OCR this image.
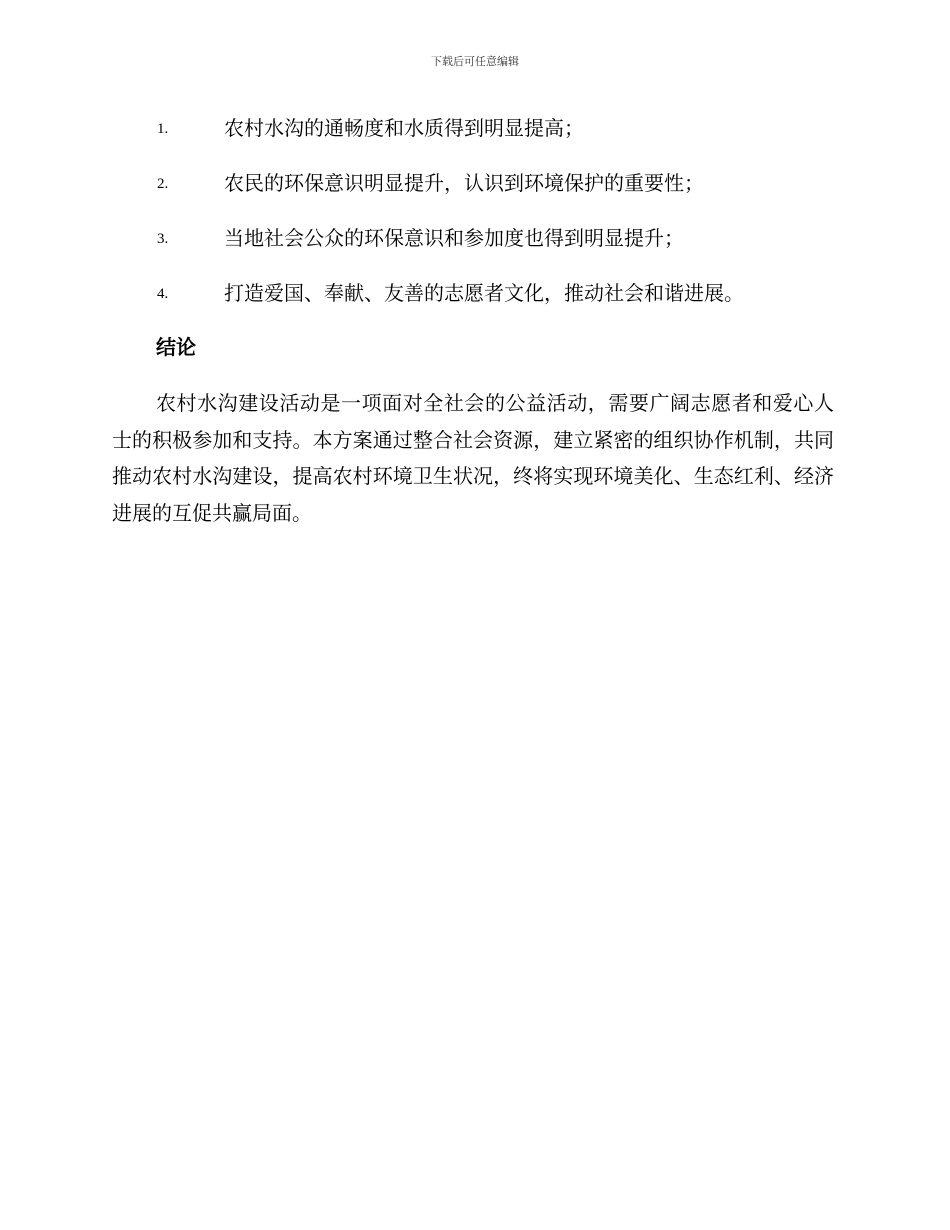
下载后可任意编辑
1.	农村水沟的通畅度和水质得到明显提高；
2.	农民的环保意识明显提升，认识到环境保护的重要性；
3.	当地社会公众的环保意识和参加度也得到明显提升；
4.	打造爱国、奉献、友善的志愿者文化，推动社会和谐进展。
结论

农村水沟建设活动是一项面对全社会的公益活动，需要广阔志愿者和爱心人士的积极参加和支持。本方案通过整合社会资源，建立紧密的组织协作机制，共同推动农村水沟建设，提高农村环境卫生状况，终将实现环境美化、生态红利、经济进展的互促共赢局面。
